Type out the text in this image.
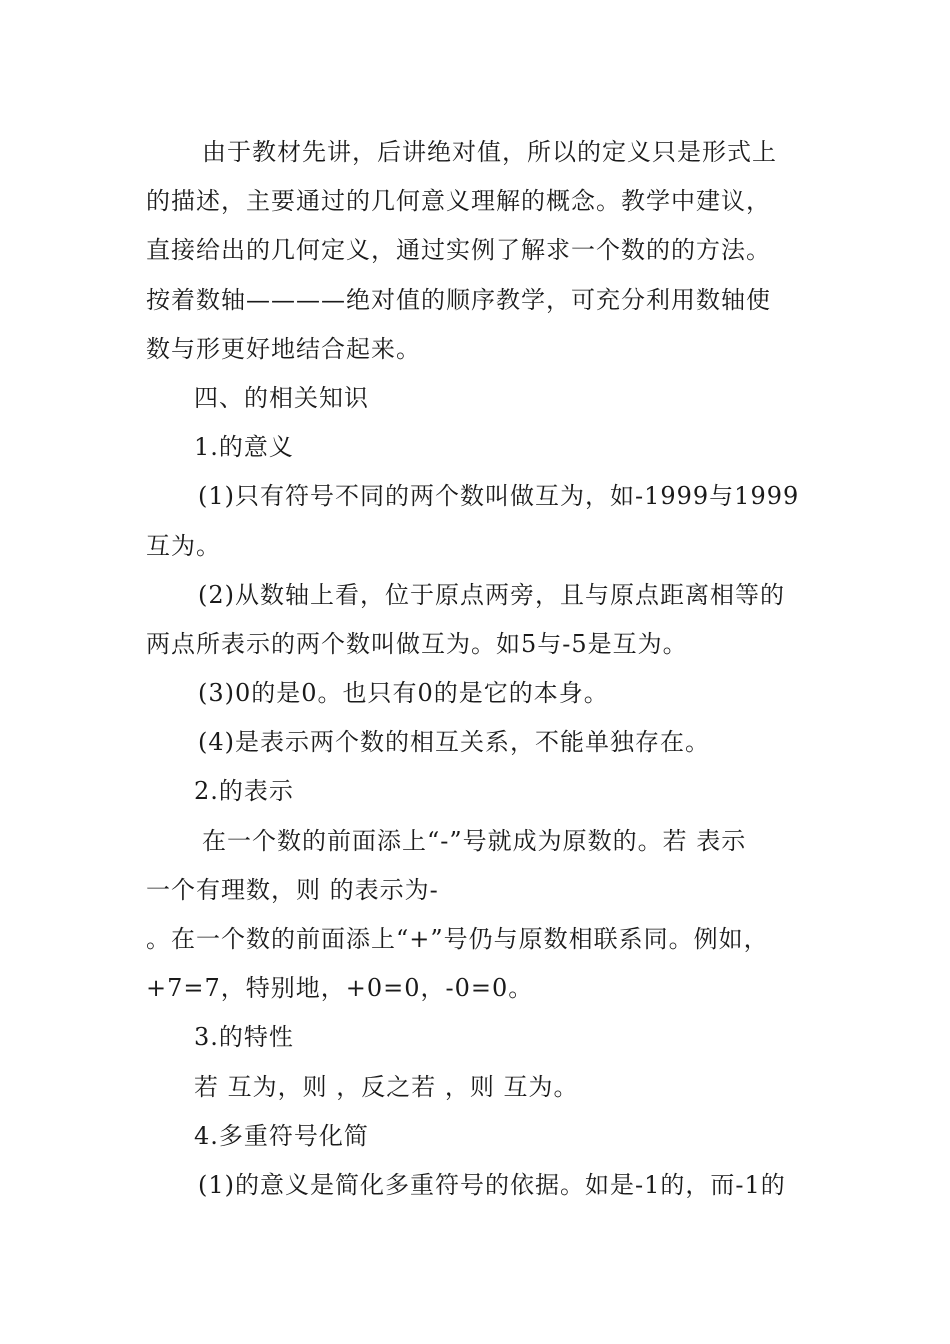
由于教材先讲，后讲绝对值，所以的定义只是形式上
的描述，主要通过的几何意义理解的概念。教学中建议，
直接给出的几何定义，通过实例了解求一个数的的方法。
按着数轴————绝对值的顺序教学，可充分利用数轴使
数与形更好地结合起来。
四、的相关知识
1.的意义
(1)只有符号不同的两个数叫做互为，如-1999与1999
互为。
(2)从数轴上看，位于原点两旁，且与原点距离相等的
两点所表示的两个数叫做互为。如5与-5是互为。
(3)0的是0。也只有0的是它的本身。
(4)是表示两个数的相互关系，不能单独存在。
2.的表示
在一个数的前面添上“-”号就成为原数的。若 表示
一个有理数，则 的表示为-
。在一个数的前面添上“+”号仍与原数相联系同。例如，
+7=7，特别地，+0=0，-0=0。
3.的特性
若 互为，则 ，反之若 ，则 互为。
4.多重符号化简
(1)的意义是简化多重符号的依据。如是-1的，而-1的
